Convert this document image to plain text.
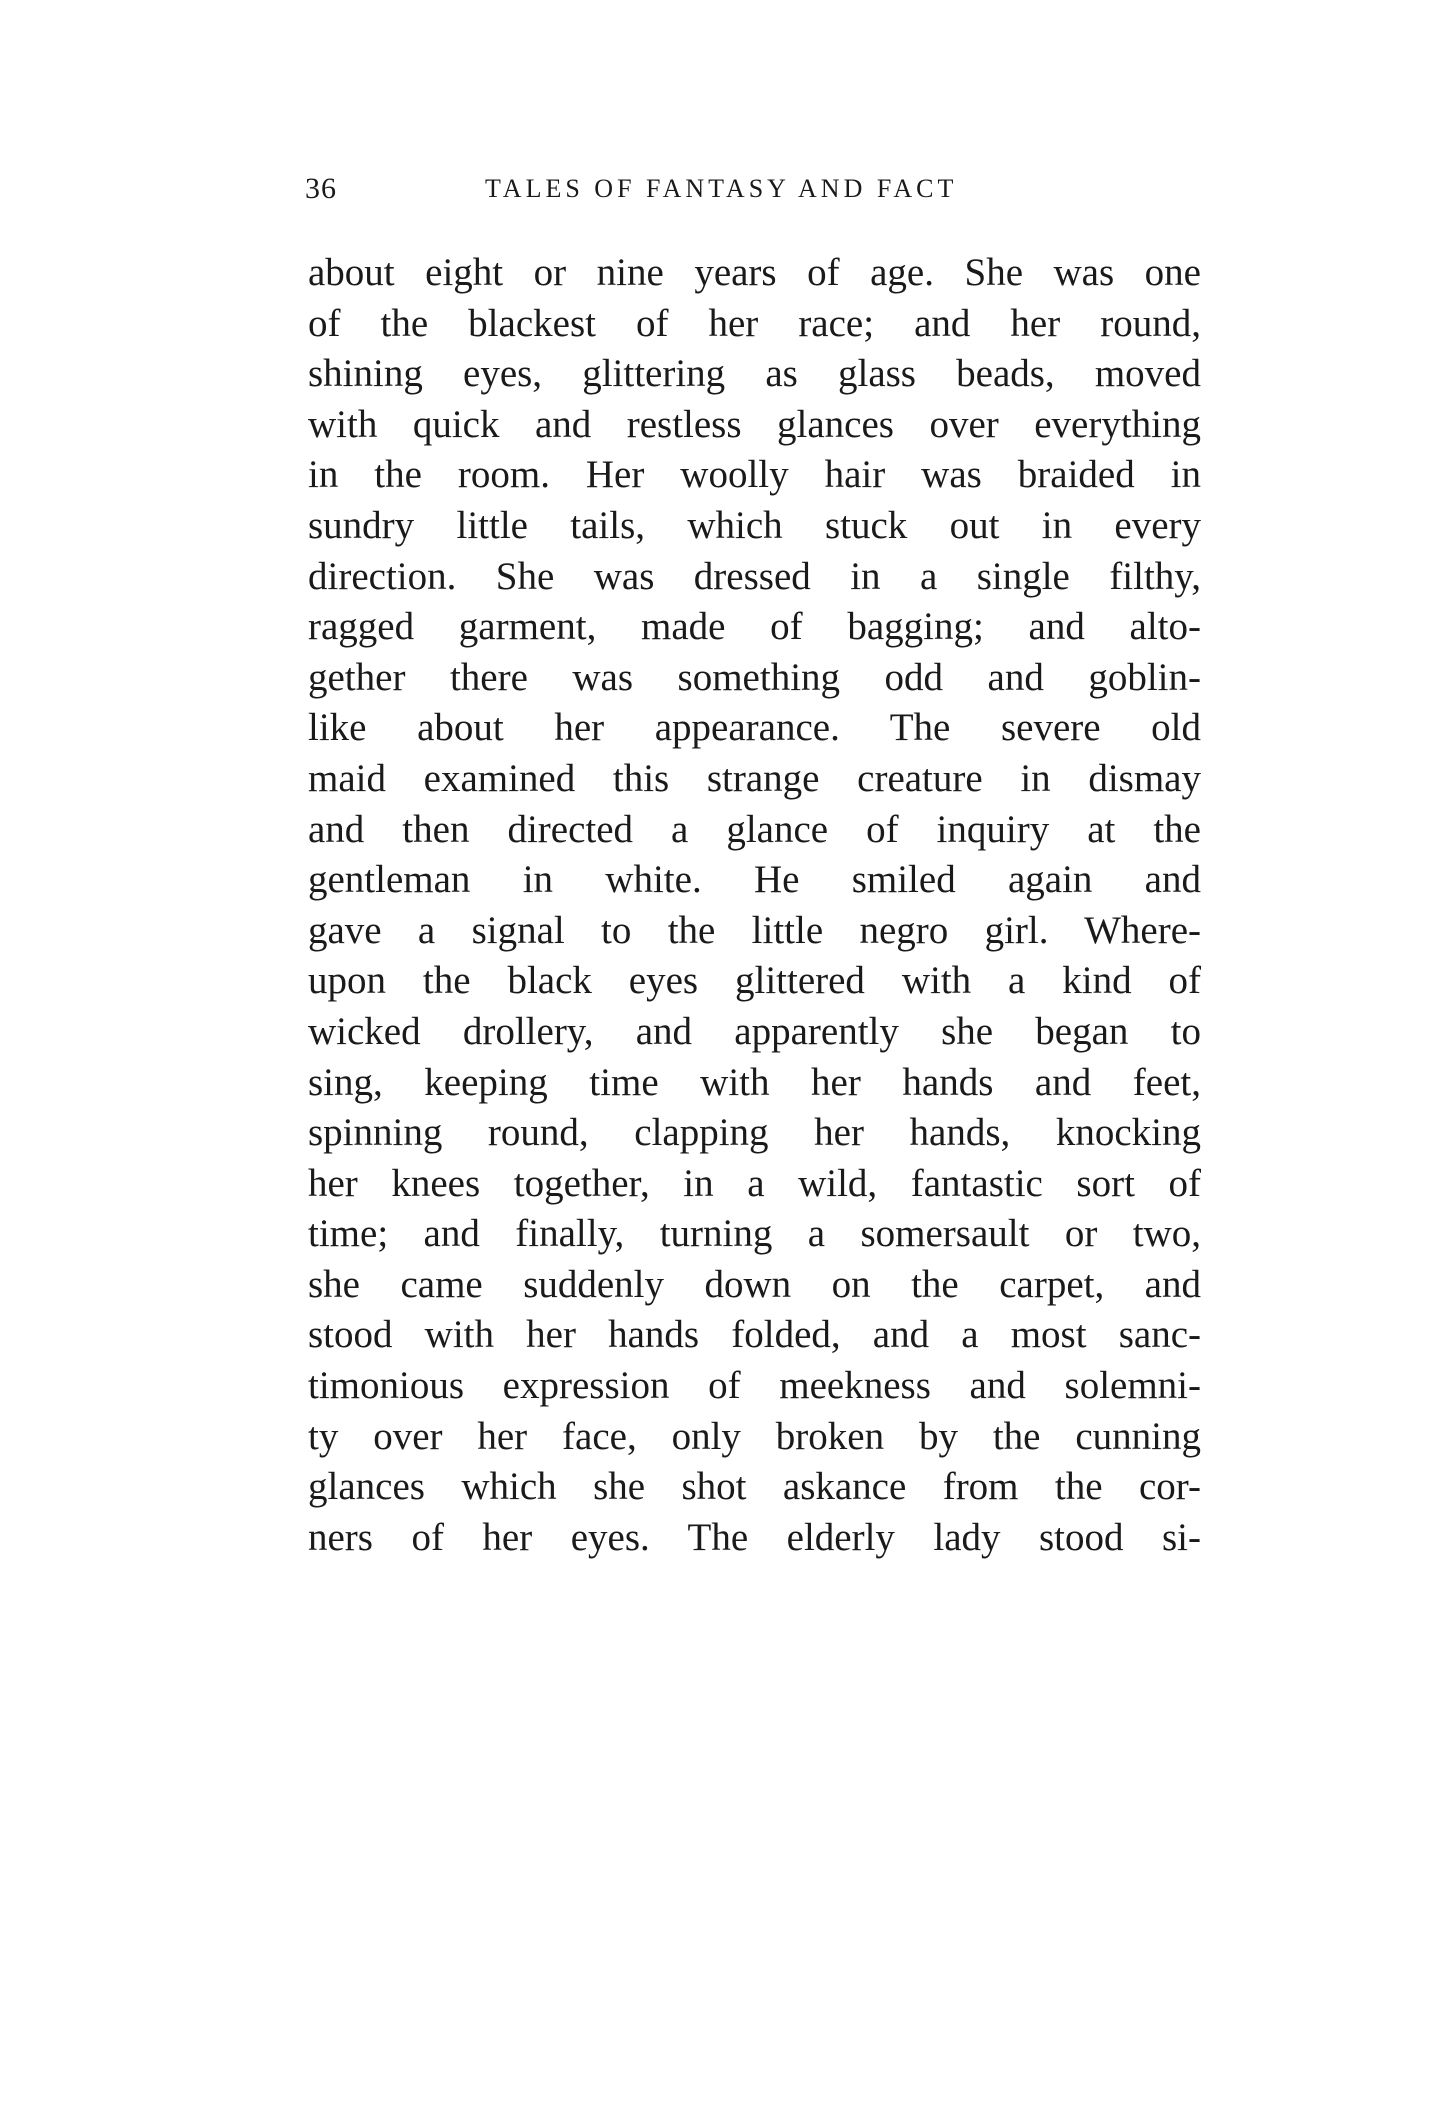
36	TALES OF FANTASY AND FACT
about eight or nine years of age. She was one
of the blackest of her race; and her round,
shining eyes, glittering as glass beads, moved
with quick and restless glances over everything
in the room. Her woolly hair was braided in
sundry little tails, which stuck out in every
direction. She was dressed in a single filthy,
ragged garment, made of bagging; and alto-
gether there was something odd and goblin-
like about her appearance. The severe old
maid examined this strange creature in dismay
and then directed a glance of inquiry at the
gentleman in white. He smiled again and
gave a signal to the little negro girl. Where-
upon the black eyes glittered with a kind of
wicked drollery, and apparently she began to
sing, keeping time with her hands and feet,
spinning round, clapping her hands, knocking
her knees together, in a wild, fantastic sort of
time; and finally, turning a somersault or two,
she came suddenly down on the carpet, and
stood with her hands folded, and a most sanc-
timonious expression of meekness and solemni-
ty over her face, only broken by the cunning
glances which she shot askance from the cor-
ners of her eyes. The elderly lady stood si-
